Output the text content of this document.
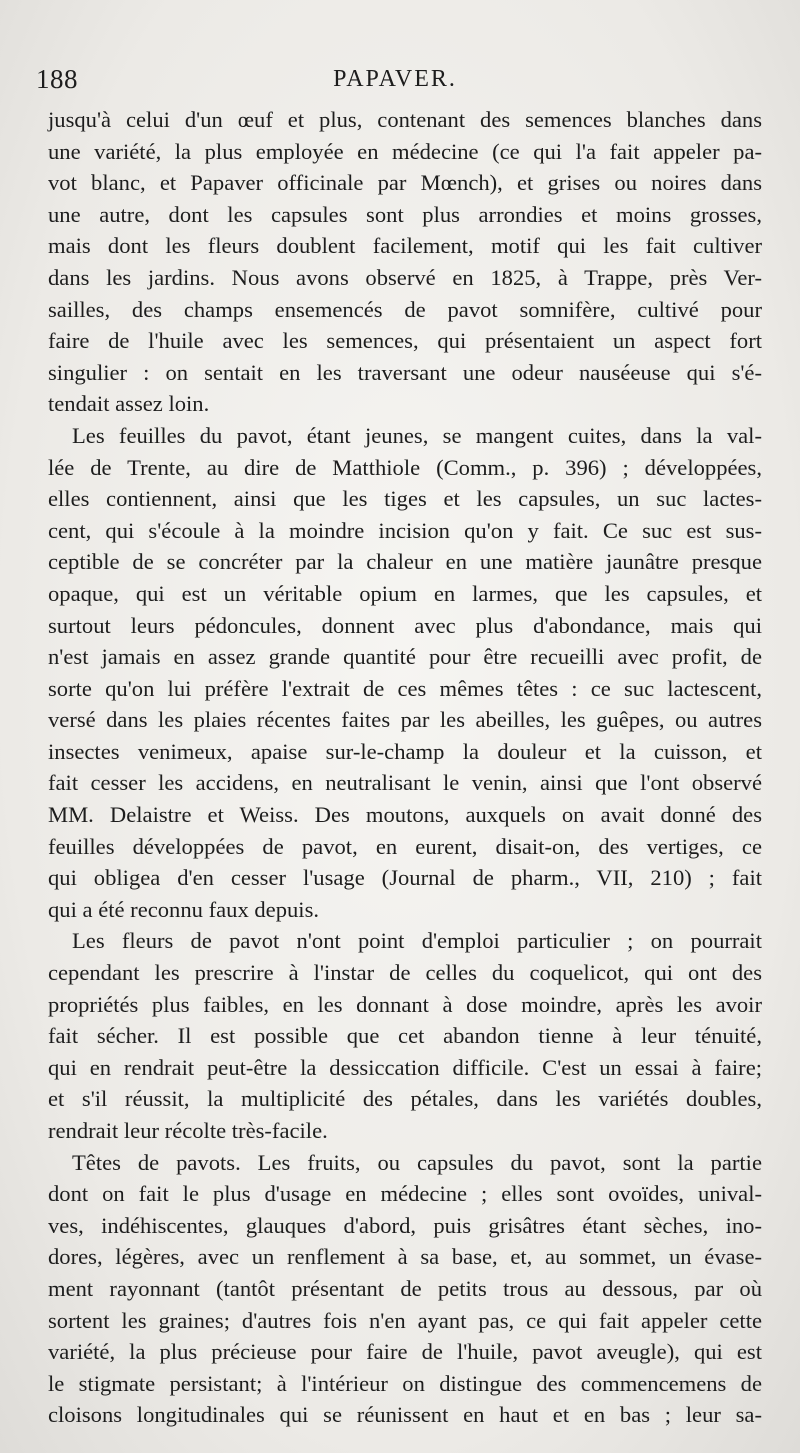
188	PAPAVER.
jusqu'à celui d'un œuf et plus, contenant des semences blanches dans
une variété, la plus employée en médecine (ce qui l'a fait appeler pa-
vot blanc, et Papaver officinale par Mœnch), et grises ou noires dans
une autre, dont les capsules sont plus arrondies et moins grosses,
mais dont les fleurs doublent facilement, motif qui les fait cultiver
dans les jardins. Nous avons observé en 1825, à Trappe, près Ver-
sailles, des champs ensemencés de pavot somnifère, cultivé pour
faire de l'huile avec les semences, qui présentaient un aspect fort
singulier : on sentait en les traversant une odeur nauséeuse qui s'é-
tendait assez loin.
Les feuilles du pavot, étant jeunes, se mangent cuites, dans la val-
lée de Trente, au dire de Matthiole (Comm., p. 396) ; développées,
elles contiennent, ainsi que les tiges et les capsules, un suc lactes-
cent, qui s'écoule à la moindre incision qu'on y fait. Ce suc est sus-
ceptible de se concréter par la chaleur en une matière jaunâtre presque
opaque, qui est un véritable opium en larmes, que les capsules, et
surtout leurs pédoncules, donnent avec plus d'abondance, mais qui
n'est jamais en assez grande quantité pour être recueilli avec profit, de
sorte qu'on lui préfère l'extrait de ces mêmes têtes : ce suc lactescent,
versé dans les plaies récentes faites par les abeilles, les guêpes, ou autres
insectes venimeux, apaise sur-le-champ la douleur et la cuisson, et
fait cesser les accidens, en neutralisant le venin, ainsi que l'ont observé
MM. Delaistre et Weiss. Des moutons, auxquels on avait donné des
feuilles développées de pavot, en eurent, disait-on, des vertiges, ce
qui obligea d'en cesser l'usage (Journal de pharm., VII, 210) ; fait
qui a été reconnu faux depuis.
Les fleurs de pavot n'ont point d'emploi particulier ; on pourrait
cependant les prescrire à l'instar de celles du coquelicot, qui ont des
propriétés plus faibles, en les donnant à dose moindre, après les avoir
fait sécher. Il est possible que cet abandon tienne à leur ténuité,
qui en rendrait peut-être la dessiccation difficile. C'est un essai à faire;
et s'il réussit, la multiplicité des pétales, dans les variétés doubles,
rendrait leur récolte très-facile.
Têtes de pavots. Les fruits, ou capsules du pavot, sont la partie
dont on fait le plus d'usage en médecine ; elles sont ovoïdes, unival-
ves, indéhiscentes, glauques d'abord, puis grisâtres étant sèches, ino-
dores, légères, avec un renflement à sa base, et, au sommet, un évase-
ment rayonnant (tantôt présentant de petits trous au dessous, par où
sortent les graines; d'autres fois n'en ayant pas, ce qui fait appeler cette
variété, la plus précieuse pour faire de l'huile, pavot aveugle), qui est
le stigmate persistant; à l'intérieur on distingue des commencemens de
cloisons longitudinales qui se réunissent en haut et en bas ; leur sa-
